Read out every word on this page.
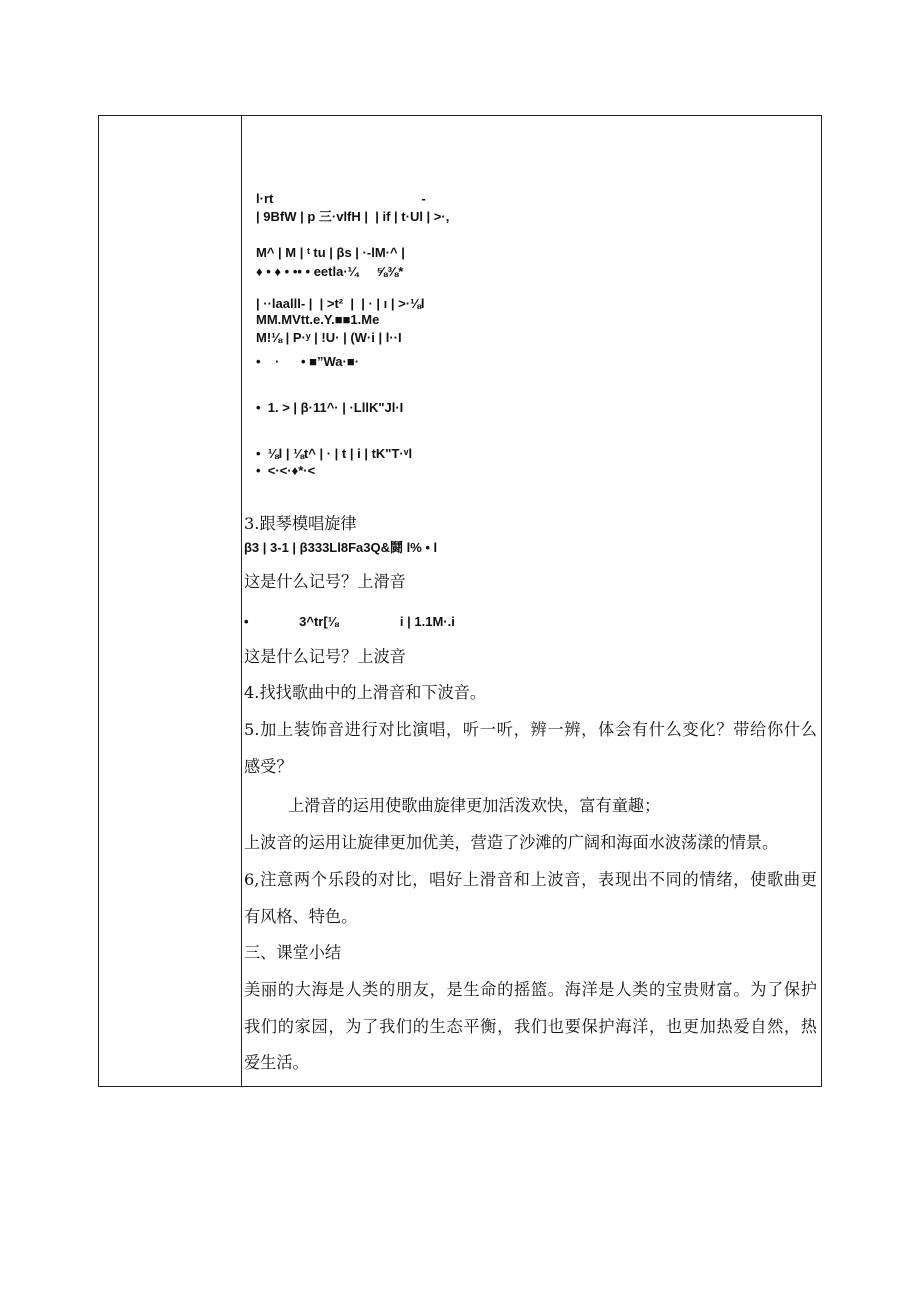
l·rt                                         -
| 9BfW | p 三·vlfH |  | if | t·Ul | >·,
M^ | M | ᵗ tu | βs | ·-lM·^ |
♦ • ♦ • •• • eetla·¼     ⅝⅜*
| ··laalll- |  | >t²  |  | · | ı | >·⅛l
MM.MVtt.e.Y.■■1.Me
M!⅛ | P·ʸ | !U· | (W·i | l··I
•    ·      • ■”Wa·■·
•  1. > | β·11^· | ·LllK"Jl·I
•  ⅛l | ⅛t^ | · | t | i | tK"T·ᵛl
•  <·<·♦*·<
3.跟琴模唱旋律
β3 | 3-1 | β333Ll8Fa3Q&鬪 l% • l
这是什么记号？上滑音
•              3^tr[⅛                 i | 1.1M·.i
这是什么记号？上波音
4.找找歌曲中的上滑音和下波音。
5.加上装饰音进行对比演唱，听一听，辨一辨，体会有什么变化？带给你什么
感受？
上滑音的运用使歌曲旋律更加活泼欢快，富有童趣；
上波音的运用让旋律更加优美，营造了沙滩的广阔和海面水波荡漾的情景。
6,注意两个乐段的对比，唱好上滑音和上波音，表现出不同的情绪，使歌曲更
有风格、特色。
三、课堂小结
美丽的大海是人类的朋友，是生命的摇篮。海洋是人类的宝贵财富。为了保护
我们的家园，为了我们的生态平衡，我们也要保护海洋，也更加热爱自然，热
爱生活。
